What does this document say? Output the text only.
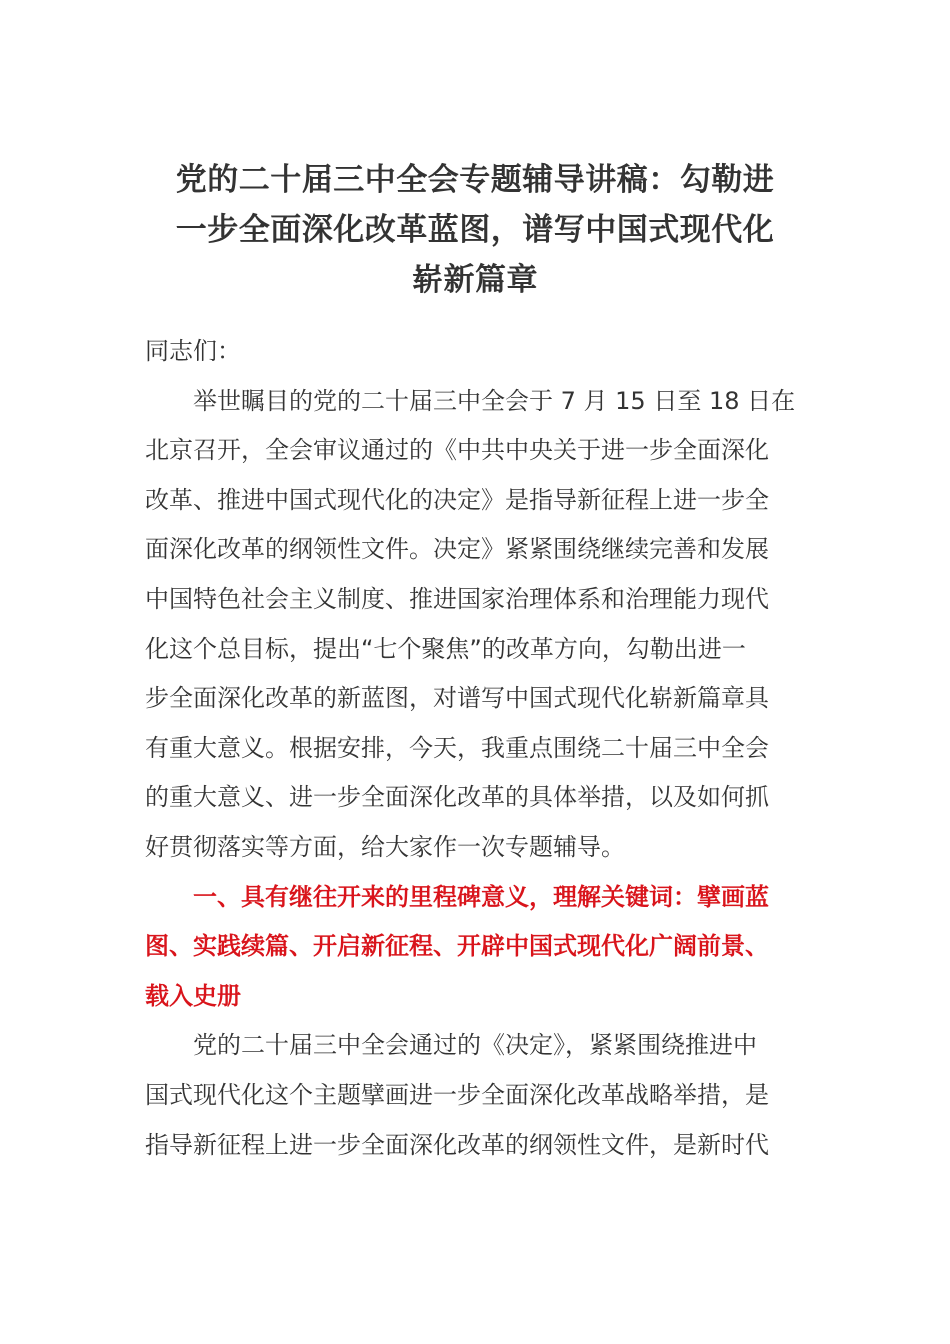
党的二十届三中全会专题辅导讲稿：勾勒进
一步全面深化改革蓝图，谱写中国式现代化
崭新篇章
同志们：
举世瞩目的党的二十届三中全会于 7 月 15 日至 18 日在
北京召开，全会审议通过的《中共中央关于进一步全面深化
改革、推进中国式现代化的决定》是指导新征程上进一步全
面深化改革的纲领性文件。决定》紧紧围绕继续完善和发展
中国特色社会主义制度、推进国家治理体系和治理能力现代
化这个总目标，提出“七个聚焦”的改革方向，勾勒出进一
步全面深化改革的新蓝图，对谱写中国式现代化崭新篇章具
有重大意义。根据安排，今天，我重点围绕二十届三中全会
的重大意义、进一步全面深化改革的具体举措，以及如何抓
好贯彻落实等方面，给大家作一次专题辅导。
一、具有继往开来的里程碑意义，理解关键词：擘画蓝
图、实践续篇、开启新征程、开辟中国式现代化广阔前景、
载入史册
党的二十届三中全会通过的《决定》，紧紧围绕推进中
国式现代化这个主题擘画进一步全面深化改革战略举措，是
指导新征程上进一步全面深化改革的纲领性文件，是新时代
